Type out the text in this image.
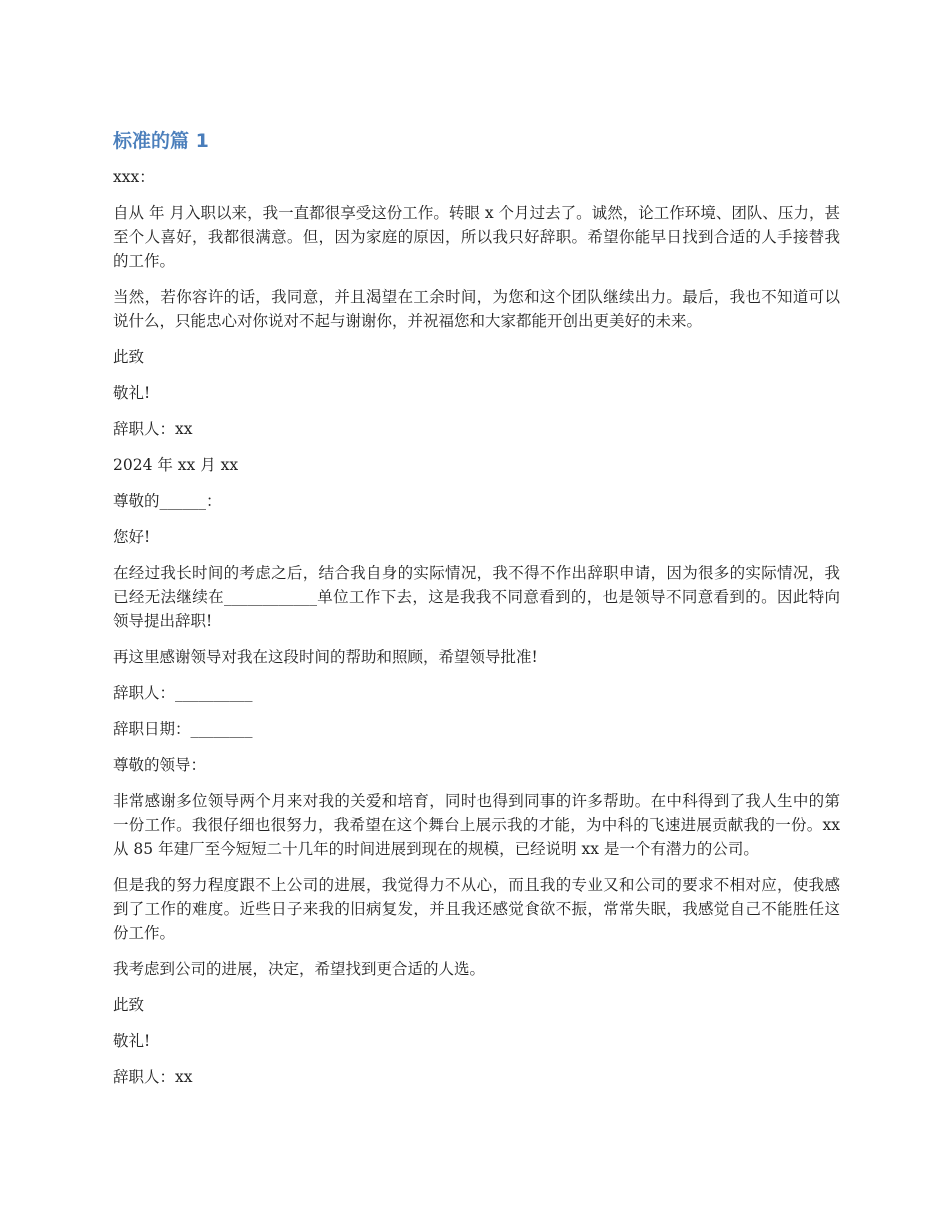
标准的篇 1

xxx：

自从 年 月入职以来，我一直都很享受这份工作。转眼 x 个月过去了。诚然，论工作环境、团队、压力，甚至个人喜好，我都很满意。但，因为家庭的原因，所以我只好辞职。希望你能早日找到合适的人手接替我的工作。

当然，若你容许的话，我同意，并且渴望在工余时间，为您和这个团队继续出力。最后，我也不知道可以说什么，只能忠心对你说对不起与谢谢你，并祝福您和大家都能开创出更美好的未来。

此致

敬礼!

辞职人：xx

2024 年 xx 月 xx

尊敬的______：

您好!

在经过我长时间的考虑之后，结合我自身的实际情况，我不得不作出辞职申请，因为很多的实际情况，我已经无法继续在____________单位工作下去，这是我我不同意看到的，也是领导不同意看到的。因此特向领导提出辞职!

再这里感谢领导对我在这段时间的帮助和照顾，希望领导批准!

辞职人：__________

辞职日期：________

尊敬的领导：

非常感谢多位领导两个月来对我的关爱和培育，同时也得到同事的许多帮助。在中科得到了我人生中的第一份工作。我很仔细也很努力，我希望在这个舞台上展示我的才能，为中科的飞速进展贡献我的一份。xx 从 85 年建厂至今短短二十几年的时间进展到现在的规模，已经说明 xx 是一个有潜力的公司。

但是我的努力程度跟不上公司的进展，我觉得力不从心，而且我的专业又和公司的要求不相对应，使我感到了工作的难度。近些日子来我的旧病复发，并且我还感觉食欲不振，常常失眠，我感觉自己不能胜任这份工作。

我考虑到公司的进展，决定，希望找到更合适的人选。

此致

敬礼!

辞职人：xx
